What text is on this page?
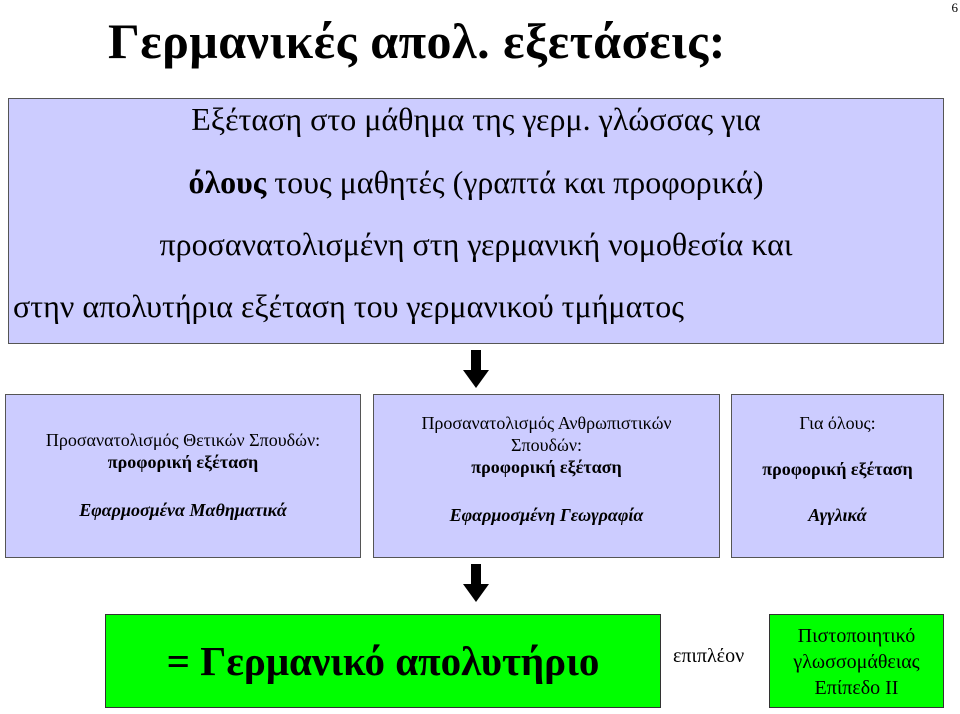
6
Γερμανικές απολ. εξετάσεις:
Εξέταση στο μάθημα της γερμ. γλώσσας για
όλους τους μαθητές (γραπτά και προφορικά)
προσανατολισμένη στη γερμανική νομοθεσία και
στην απολυτήρια εξέταση του γερμανικού τμήματος
Προσανατολισμός Θετικών Σπουδών:
προφορική εξέταση
Εφαρμοσμένα Μαθηματικά
Προσανατολισμός Ανθρωπιστικών Σπουδών:
προφορική εξέταση
Εφαρμοσμένη Γεωγραφία
Για όλους:
προφορική εξέταση
Αγγλικά
= Γερμανικό απολυτήριο	επιπλέον
Πιστοποιητικό
γλωσσομάθειας
Επίπεδο ΙΙ
